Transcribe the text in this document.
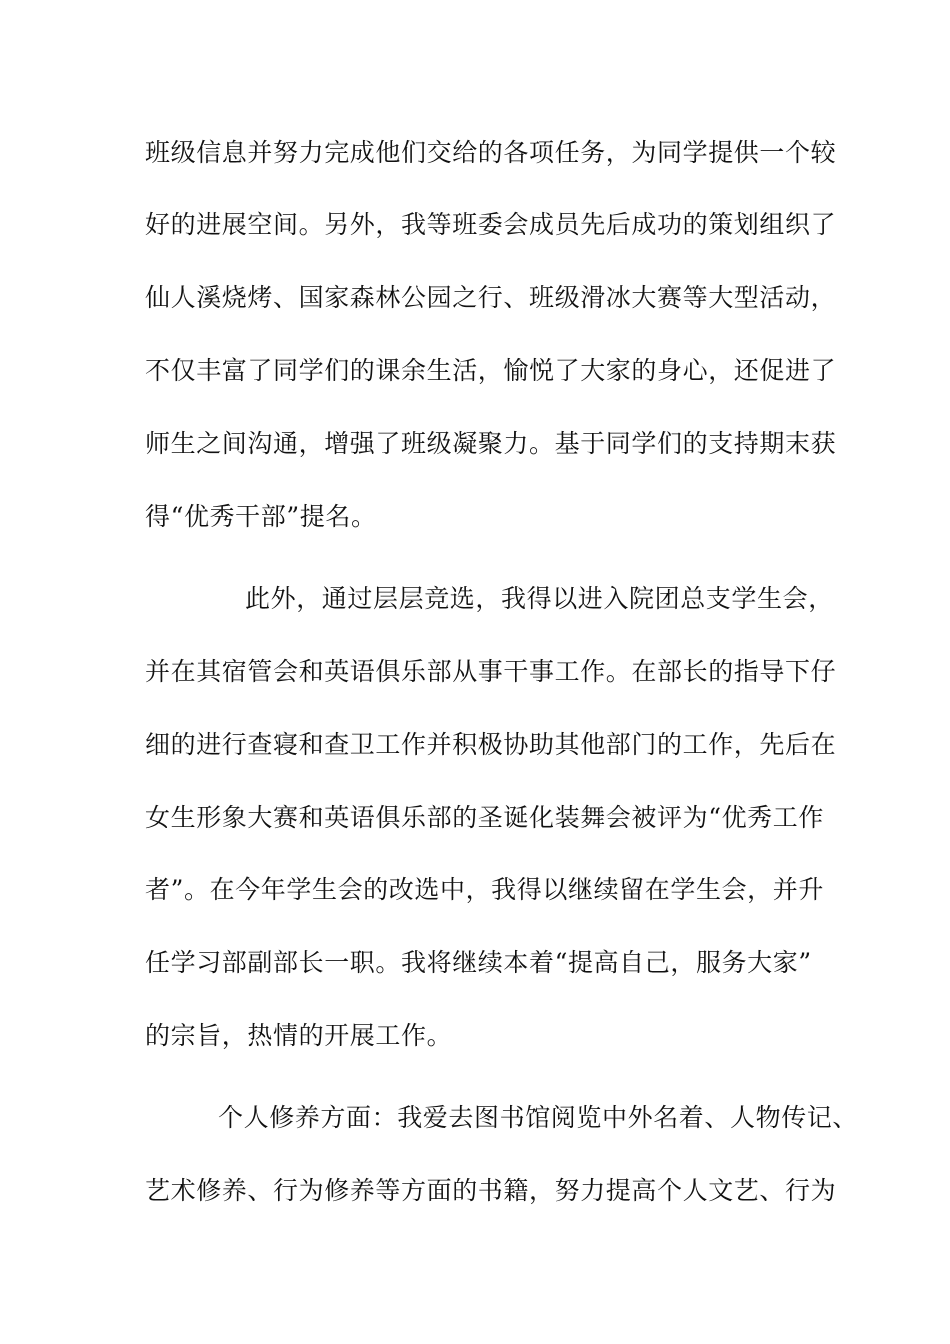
班级信息并努力完成他们交给的各项任务，为同学提供一个较
好的进展空间。另外，我等班委会成员先后成功的策划组织了
仙人溪烧烤、国家森林公园之行、班级滑冰大赛等大型活动，
不仅丰富了同学们的课余生活，愉悦了大家的身心，还促进了
师生之间沟通，增强了班级凝聚力。基于同学们的支持期末获
得“优秀干部”提名。
此外，通过层层竞选，我得以进入院团总支学生会，
并在其宿管会和英语俱乐部从事干事工作。在部长的指导下仔
细的进行查寝和查卫工作并积极协助其他部门的工作，先后在
女生形象大赛和英语俱乐部的圣诞化装舞会被评为“优秀工作
者”。在今年学生会的改选中，我得以继续留在学生会，并升
任学习部副部长一职。我将继续本着“提高自己，服务大家”
的宗旨，热情的开展工作。
个人修养方面：我爱去图书馆阅览中外名着、人物传记、
艺术修养、行为修养等方面的书籍，努力提高个人文艺、行为
